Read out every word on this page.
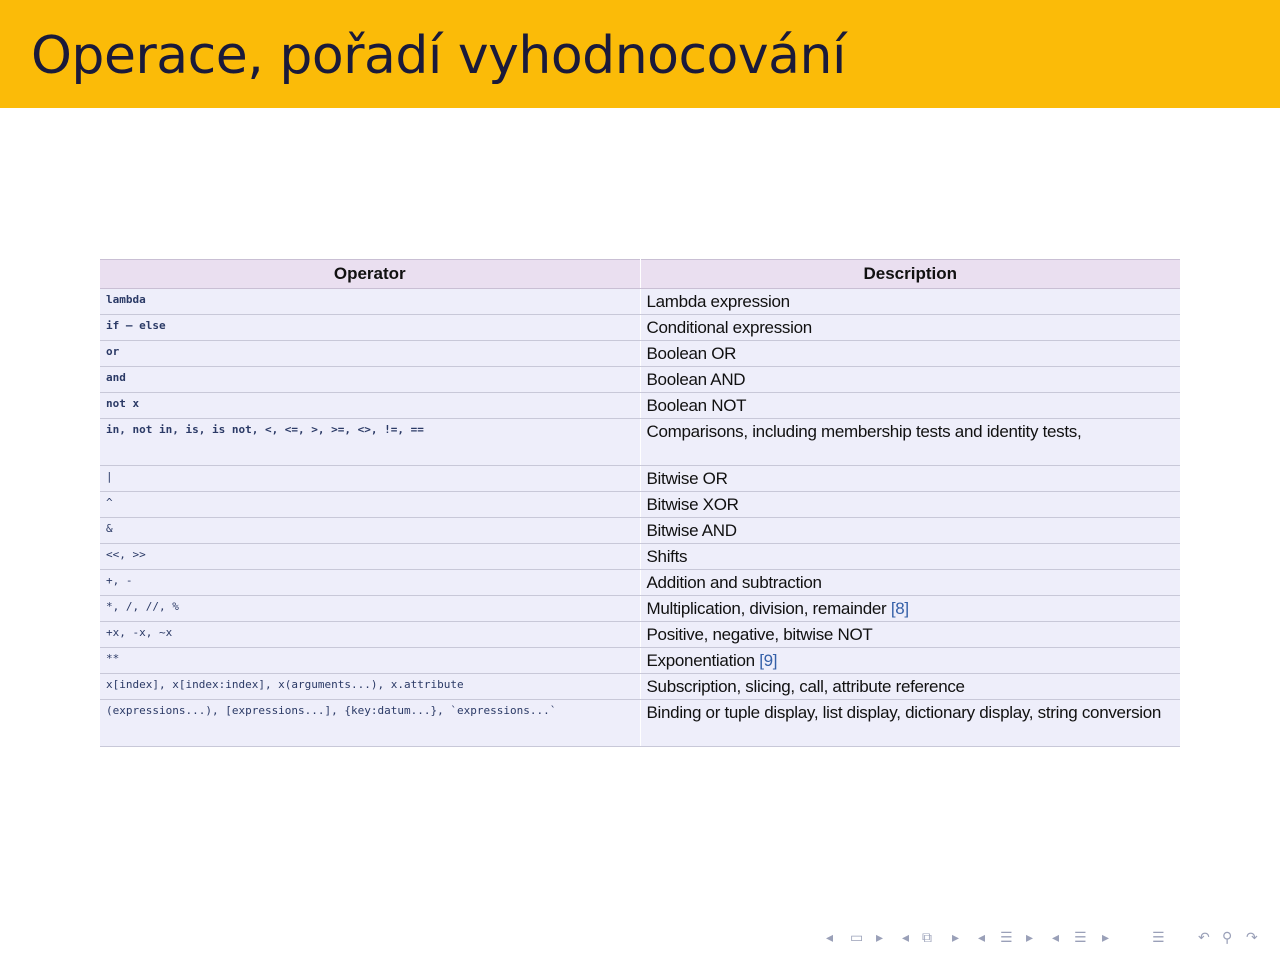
Operace, pořadí vyhodnocování
Operator	Description
lambda	Lambda expression
if – else	Conditional expression
or	Boolean OR
and	Boolean AND
not x	Boolean NOT
in, not in, is, is not, <, <=, >, >=, <>, !=, ==	Comparisons, including membership tests and identity tests,
|	Bitwise OR
^	Bitwise XOR
&	Bitwise AND
<<, >>	Shifts
+, -	Addition and subtraction
*, /, //, %	Multiplication, division, remainder [8]
+x, -x, ~x	Positive, negative, bitwise NOT
**	Exponentiation [9]
x[index], x[index:index], x(arguments...), x.attribute	Subscription, slicing, call, attribute reference
(expressions...), [expressions...], {key:datum...}, `expressions...`	Binding or tuple display, list display, dictionary display, string conversion
◂ ▭ ▸ ◂ ⧉ ▸ ◂ ☰ ▸ ◂ ☰ ▸	☰ ↶ ⚲ ↷
